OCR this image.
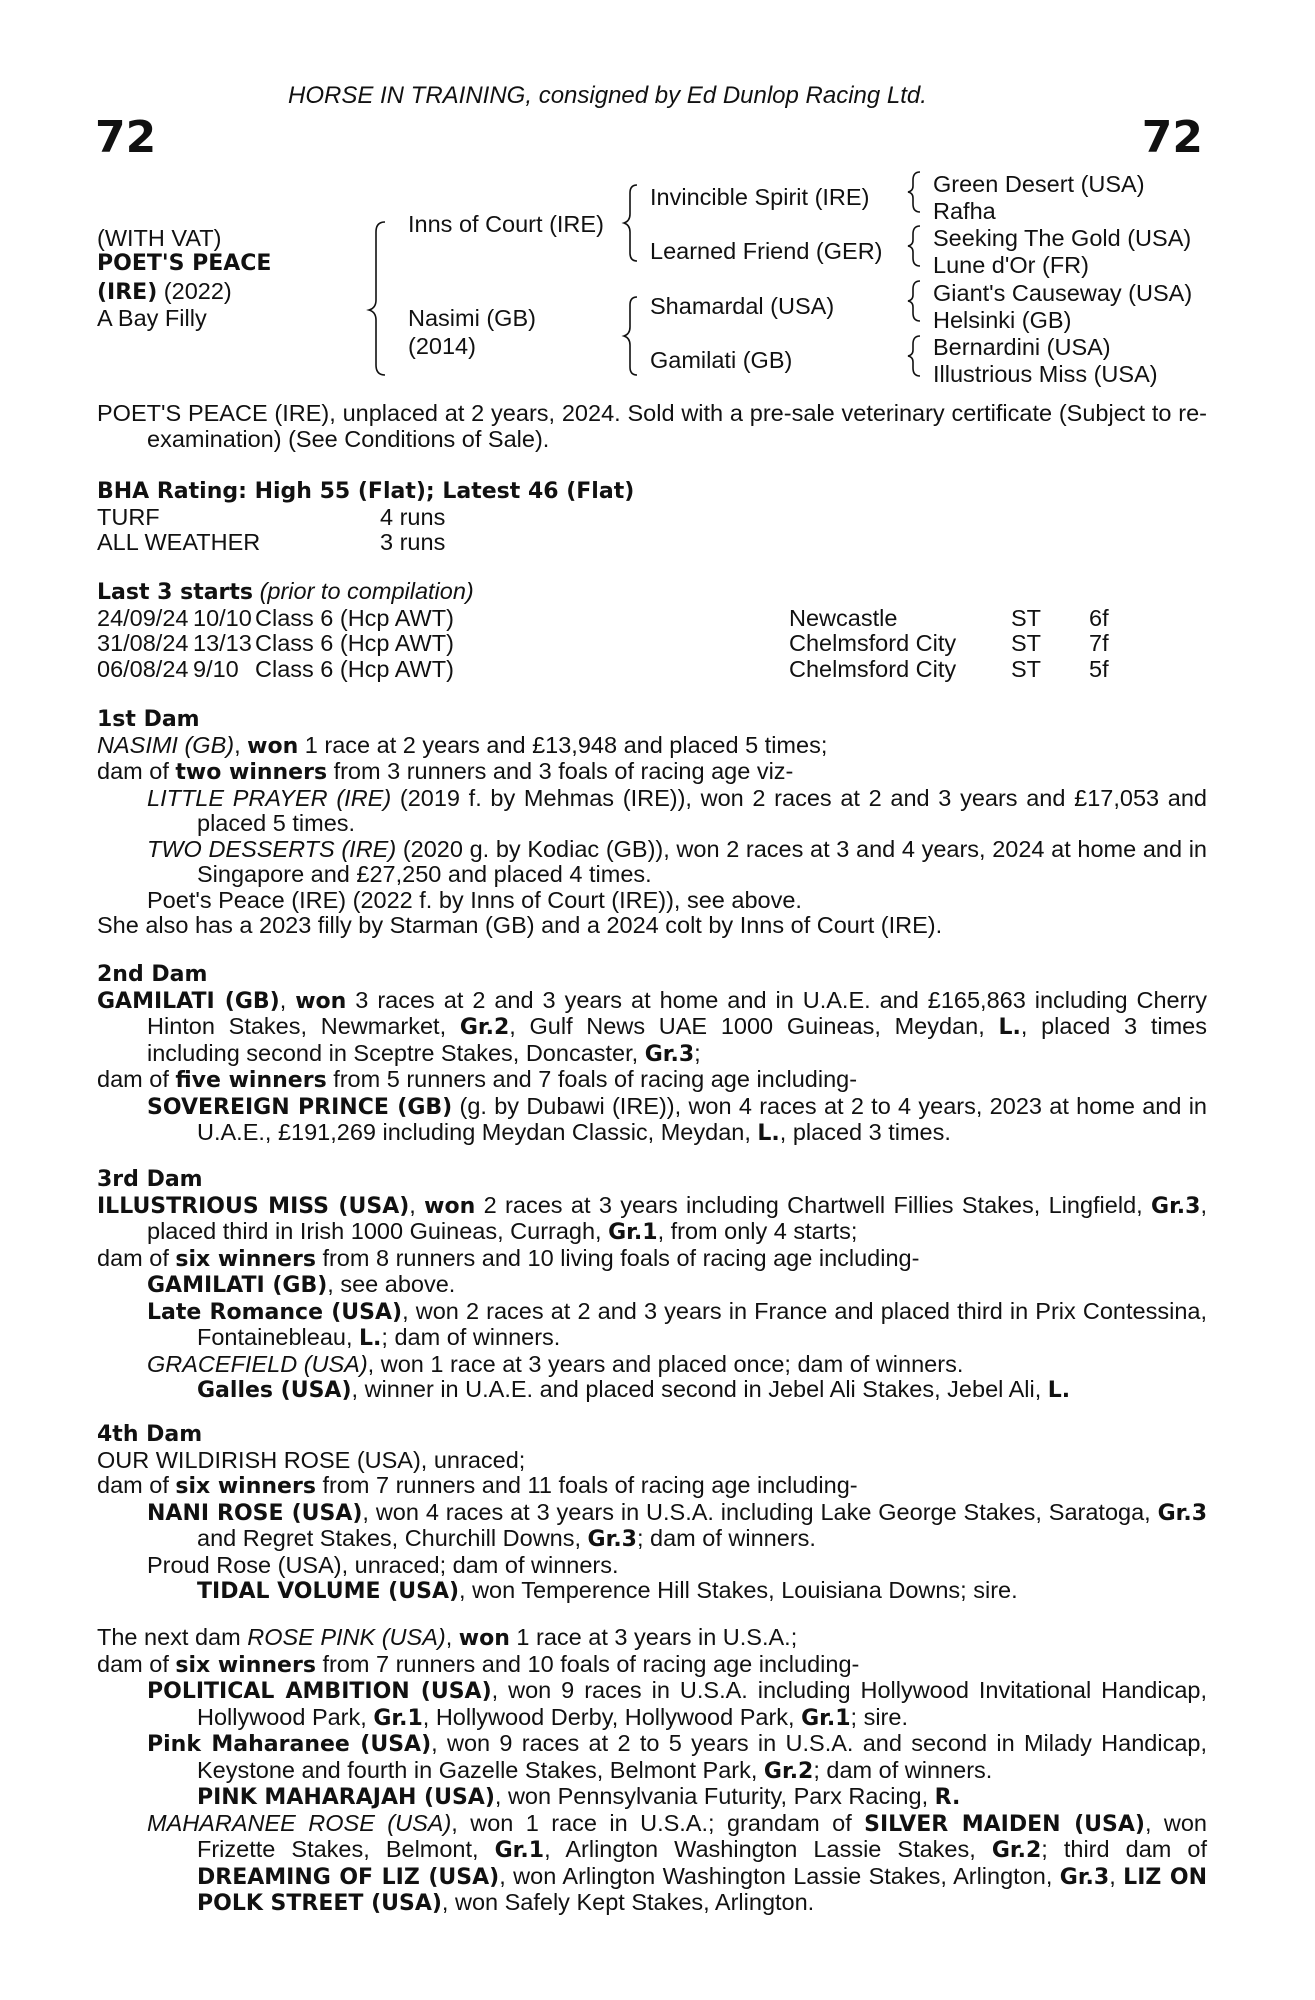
72	72
HORSE IN TRAINING, consigned by Ed Dunlop Racing Ltd.
(WITH VAT)
POET'S PEACE
(IRE) (2022)
A Bay Filly
Inns of Court (IRE)
Nasimi (GB)
(2014)
Invincible Spirit (IRE)
Learned Friend (GER)
Shamardal (USA)
Gamilati (GB)
Green Desert (USA)
Rafha
Seeking The Gold (USA)
Lune d'Or (FR)
Giant's Causeway (USA)
Helsinki (GB)
Bernardini (USA)
Illustrious Miss (USA)

POET'S PEACE (IRE), unplaced at 2 years, 2024. Sold with a pre-sale veterinary certificate (Subject to re-examination) (See Conditions of Sale).

BHA Rating: High 55 (Flat); Latest 46 (Flat)

TURF	4 runs
ALL WEATHER	3 runs

Last 3 starts (prior to compilation)

24/09/24	10/10	Class 6 (Hcp AWT)	Newcastle	ST	6f
31/08/24	13/13	Class 6 (Hcp AWT)	Chelmsford City	ST	7f
06/08/24	9/10	Class 6 (Hcp AWT)	Chelmsford City	ST	5f

1st Dam

NASIMI (GB), won 1 race at 2 years and £13,948 and placed 5 times;

dam of two winners from 3 runners and 3 foals of racing age viz-

LITTLE PRAYER (IRE) (2019 f. by Mehmas (IRE)), won 2 races at 2 and 3 years and £17,053 and placed 5 times.

TWO DESSERTS (IRE) (2020 g. by Kodiac (GB)), won 2 races at 3 and 4 years, 2024 at home and in Singapore and £27,250 and placed 4 times.

Poet's Peace (IRE) (2022 f. by Inns of Court (IRE)), see above.

She also has a 2023 filly by Starman (GB) and a 2024 colt by Inns of Court (IRE).

2nd Dam

GAMILATI (GB), won 3 races at 2 and 3 years at home and in U.A.E. and £165,863 including Cherry Hinton Stakes, Newmarket, Gr.2, Gulf News UAE 1000 Guineas, Meydan, L., placed 3 times including second in Sceptre Stakes, Doncaster, Gr.3;

dam of five winners from 5 runners and 7 foals of racing age including-

SOVEREIGN PRINCE (GB) (g. by Dubawi (IRE)), won 4 races at 2 to 4 years, 2023 at home and in U.A.E., £191,269 including Meydan Classic, Meydan, L., placed 3 times.

3rd Dam

ILLUSTRIOUS MISS (USA), won 2 races at 3 years including Chartwell Fillies Stakes, Lingfield, Gr.3, placed third in Irish 1000 Guineas, Curragh, Gr.1, from only 4 starts;

dam of six winners from 8 runners and 10 living foals of racing age including-

GAMILATI (GB), see above.

Late Romance (USA), won 2 races at 2 and 3 years in France and placed third in Prix Contessina, Fontainebleau, L.; dam of winners.

GRACEFIELD (USA), won 1 race at 3 years and placed once; dam of winners.

Galles (USA), winner in U.A.E. and placed second in Jebel Ali Stakes, Jebel Ali, L.

4th Dam

OUR WILDIRISH ROSE (USA), unraced;

dam of six winners from 7 runners and 11 foals of racing age including-

NANI ROSE (USA), won 4 races at 3 years in U.S.A. including Lake George Stakes, Saratoga, Gr.3 and Regret Stakes, Churchill Downs, Gr.3; dam of winners.

Proud Rose (USA), unraced; dam of winners.

TIDAL VOLUME (USA), won Temperence Hill Stakes, Louisiana Downs; sire.

The next dam ROSE PINK (USA), won 1 race at 3 years in U.S.A.;

dam of six winners from 7 runners and 10 foals of racing age including-

POLITICAL AMBITION (USA), won 9 races in U.S.A. including Hollywood Invitational Handicap, Hollywood Park, Gr.1, Hollywood Derby, Hollywood Park, Gr.1; sire.

Pink Maharanee (USA), won 9 races at 2 to 5 years in U.S.A. and second in Milady Handicap, Keystone and fourth in Gazelle Stakes, Belmont Park, Gr.2; dam of winners.

PINK MAHARAJAH (USA), won Pennsylvania Futurity, Parx Racing, R.

MAHARANEE ROSE (USA), won 1 race in U.S.A.; grandam of SILVER MAIDEN (USA), won Frizette Stakes, Belmont, Gr.1, Arlington Washington Lassie Stakes, Gr.2; third dam of DREAMING OF LIZ (USA), won Arlington Washington Lassie Stakes, Arlington, Gr.3, LIZ ON POLK STREET (USA), won Safely Kept Stakes, Arlington.
